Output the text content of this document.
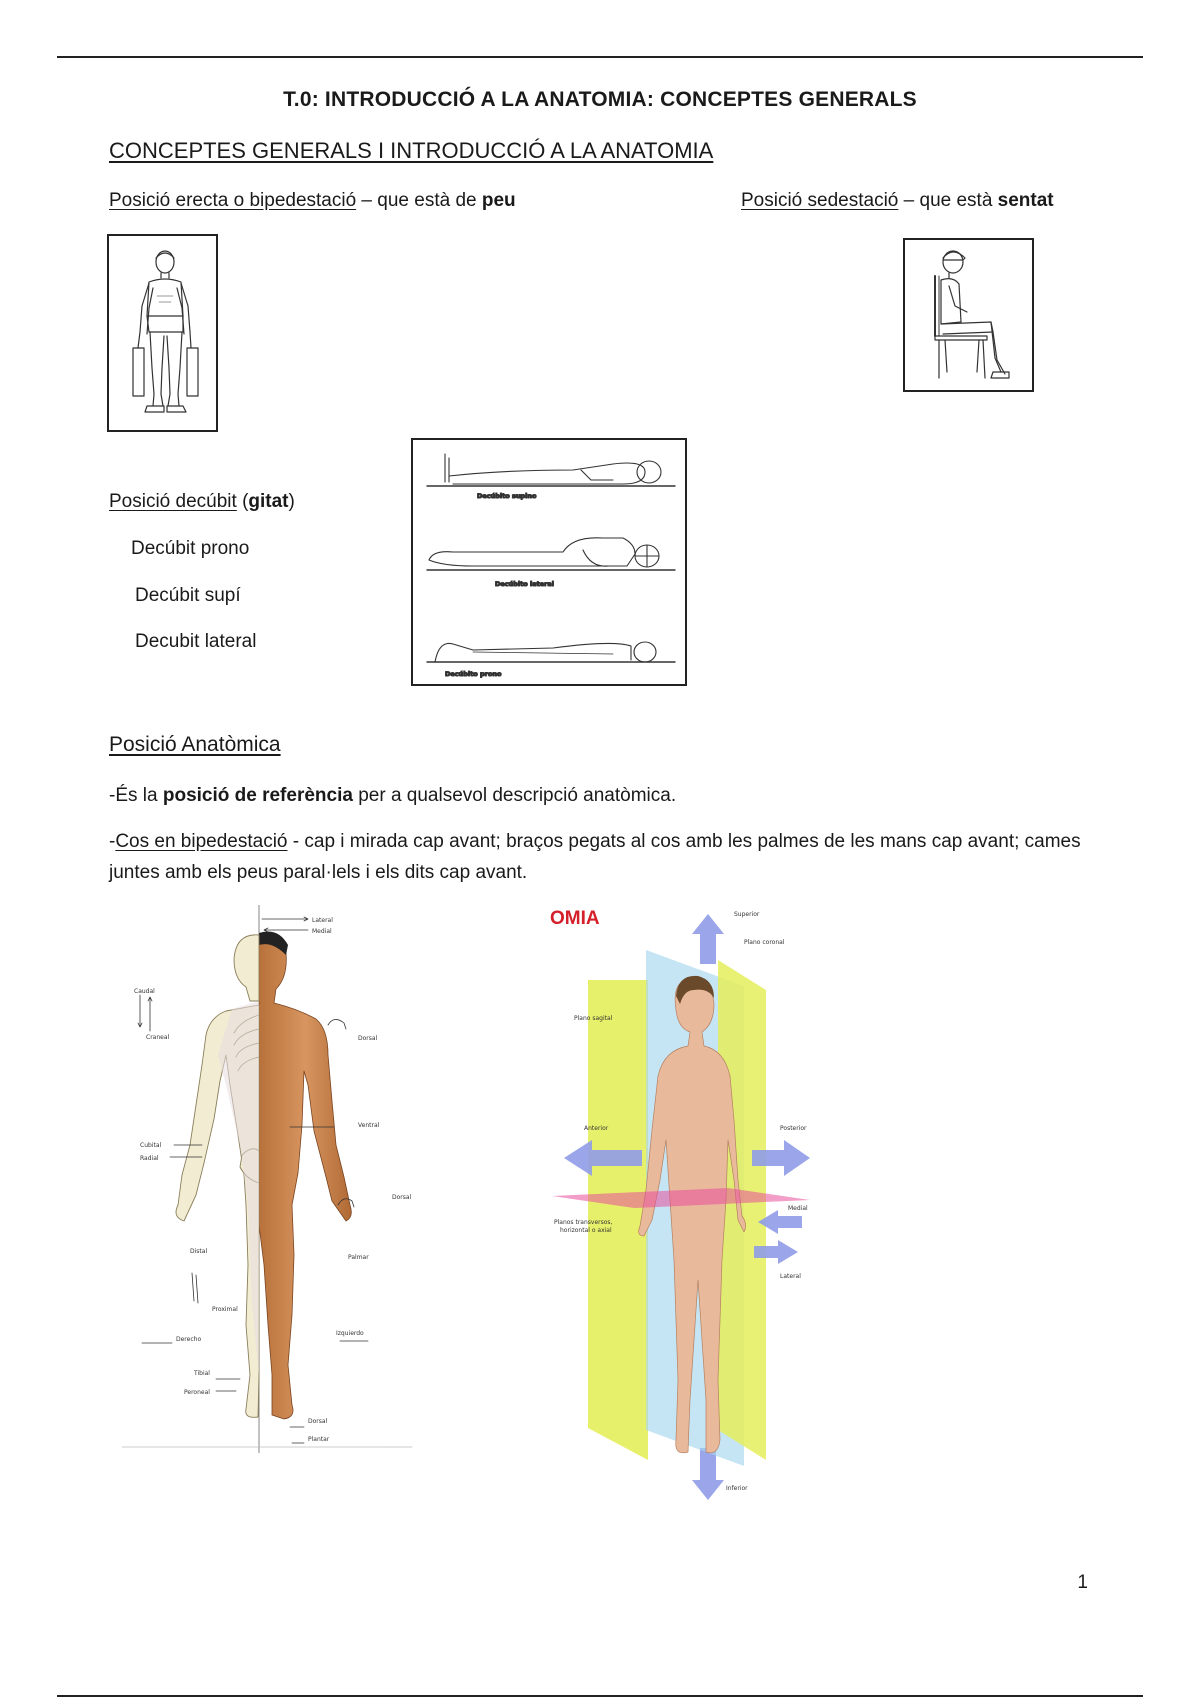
T.0: INTRODUCCIÓ A LA ANATOMIA: CONCEPTES GENERALS
CONCEPTES GENERALS I INTRODUCCIÓ A LA ANATOMIA
Posició erecta o bipedestació – que està de peu	Posició sedestació – que està sentat
Posició decúbit (gitat)
Decúbit prono
Decúbit supí
Decubit lateral
Decúbito supino
Decúbito lateral
Decúbito prono
Posició Anatòmica
-És la posició de referència per a qualsevol descripció anatòmica.
-Cos en bipedestació - cap i mirada cap avant; braços pegats al cos amb les palmes de les mans cap avant; cames juntes amb els peus paral·lels i els dits cap avant.
Lateral
Medial
Caudal
Craneal	Dorsal
Ventral
Cubital
Radial
Dorsal
Distal
Palmar
Proximal
Derecho
Izquierdo
Tibial
Peroneal
Dorsal
Plantar
OMIA	Superior
Plano coronal
Plano sagital
Anterior	Posterior
Planos transversos,
horizontal o axial
Medial
Lateral
Inferior
1
